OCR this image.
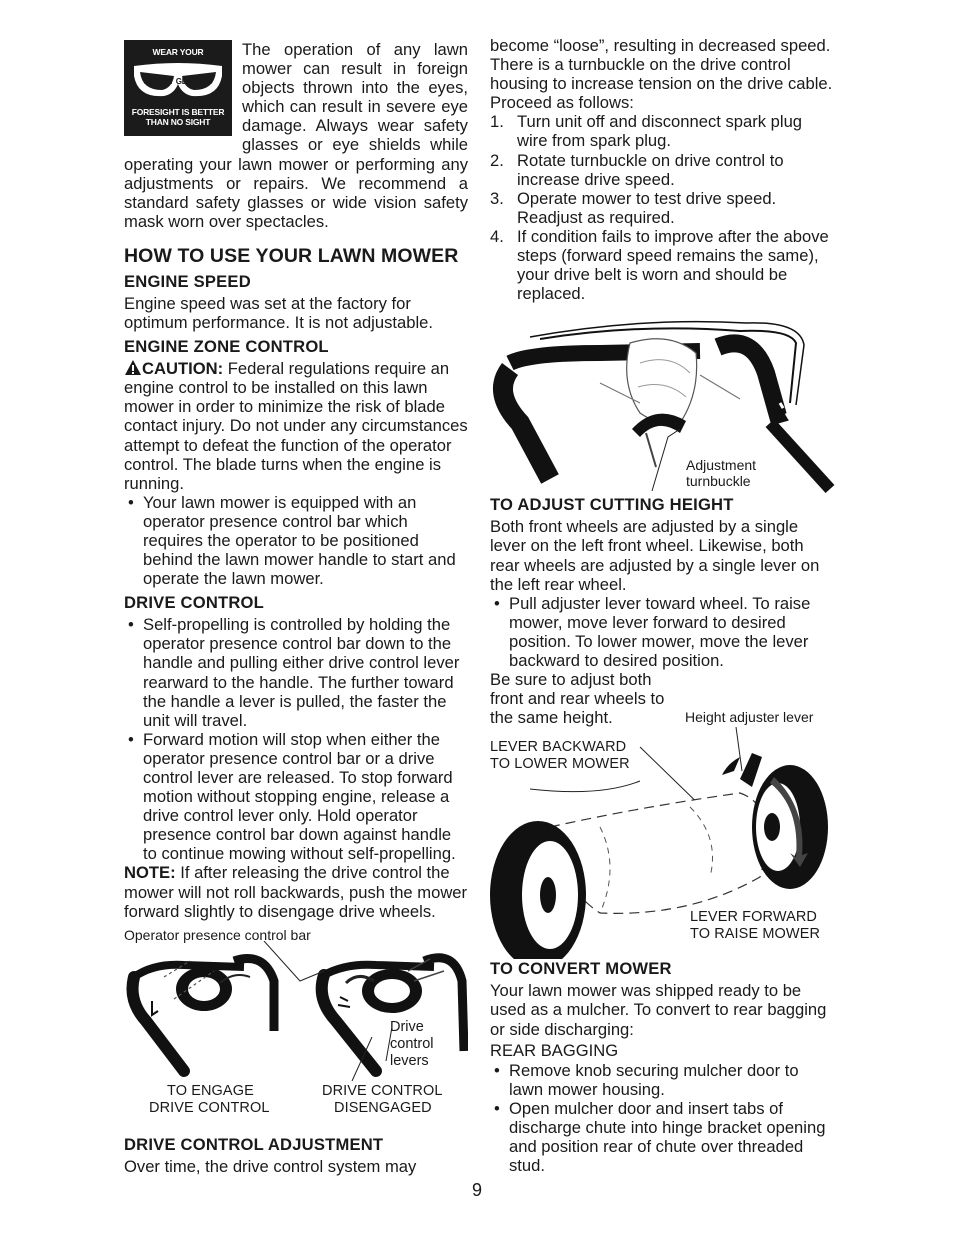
WEAR YOUR
SAFETY GLASSES
FORESIGHT IS BETTER
THAN NO SIGHT

The operation of any lawn mower can result in foreign objects thrown into the eyes, which can result in severe eye damage. Always wear safety glasses or eye shields while operating your lawn mower or performing any adjustments or repairs. We recommend a standard safety glasses or wide vision safety mask worn over spectacles.

HOW TO USE YOUR LAWN MOWER
ENGINE SPEED

Engine speed was set at the factory for optimum performance. It is not adjustable.

ENGINE ZONE CONTROL

CAUTION: Federal regulations require an engine control to be installed on this lawn mower in order to minimize the risk of blade contact injury. Do not under any circumstances attempt to defeat the function of the operator control. The blade turns when the engine is running.

• Your lawn mower is equipped with an operator presence control bar which requires the operator to be positioned behind the lawn mower handle to start and operate the lawn mower.
DRIVE CONTROL
• Self-propelling is controlled by holding the operator presence control bar down to the handle and pulling either drive control lever rearward to the handle. The further toward the handle a lever is pulled, the faster the unit will travel.
• Forward motion will stop when either the operator presence control bar or a drive control lever are released. To stop forward motion without stopping engine, release a drive control lever only. Hold operator presence control bar down against handle to continue mowing without self-propelling.

NOTE: If after releasing the drive control the mower will not roll backwards, push the mower forward slightly to disengage drive wheels.

Operator presence control bar
Drive control levers
TO ENGAGE
DRIVE CONTROL
DRIVE CONTROL
DISENGAGED
DRIVE CONTROL ADJUSTMENT

Over time, the drive control system may

9

become “loose”, resulting in decreased speed. There is a turnbuckle on the drive control housing to increase tension on the drive cable. Proceed as follows:

1. Turn unit off and disconnect spark plug wire from spark plug.
2. Rotate turnbuckle on drive control to increase drive speed.
3. Operate mower to test drive speed. Readjust as required.
4. If condition fails to improve after the above steps (forward speed remains the same), your drive belt is worn and should be replaced.
Adjustment turnbuckle
TO ADJUST CUTTING HEIGHT

Both front wheels are adjusted by a single lever on the left front wheel. Likewise, both rear wheels are adjusted by a single lever on the left rear wheel.

• Pull adjuster lever toward wheel. To raise mower, move lever forward to desired position. To lower mower, move the lever backward to desired position.

Be sure to adjust both front and rear wheels to the same height.	Height adjuster lever
LEVER BACKWARD
TO LOWER MOWER
LEVER FORWARD
TO RAISE MOWER
TO CONVERT MOWER

Your lawn mower was shipped ready to be used as a mulcher. To convert to rear bagging or side discharging:

REAR BAGGING
• Remove knob securing mulcher door to lawn mower housing.
• Open mulcher door and insert tabs of discharge chute into hinge bracket opening and position rear of chute over threaded stud.
